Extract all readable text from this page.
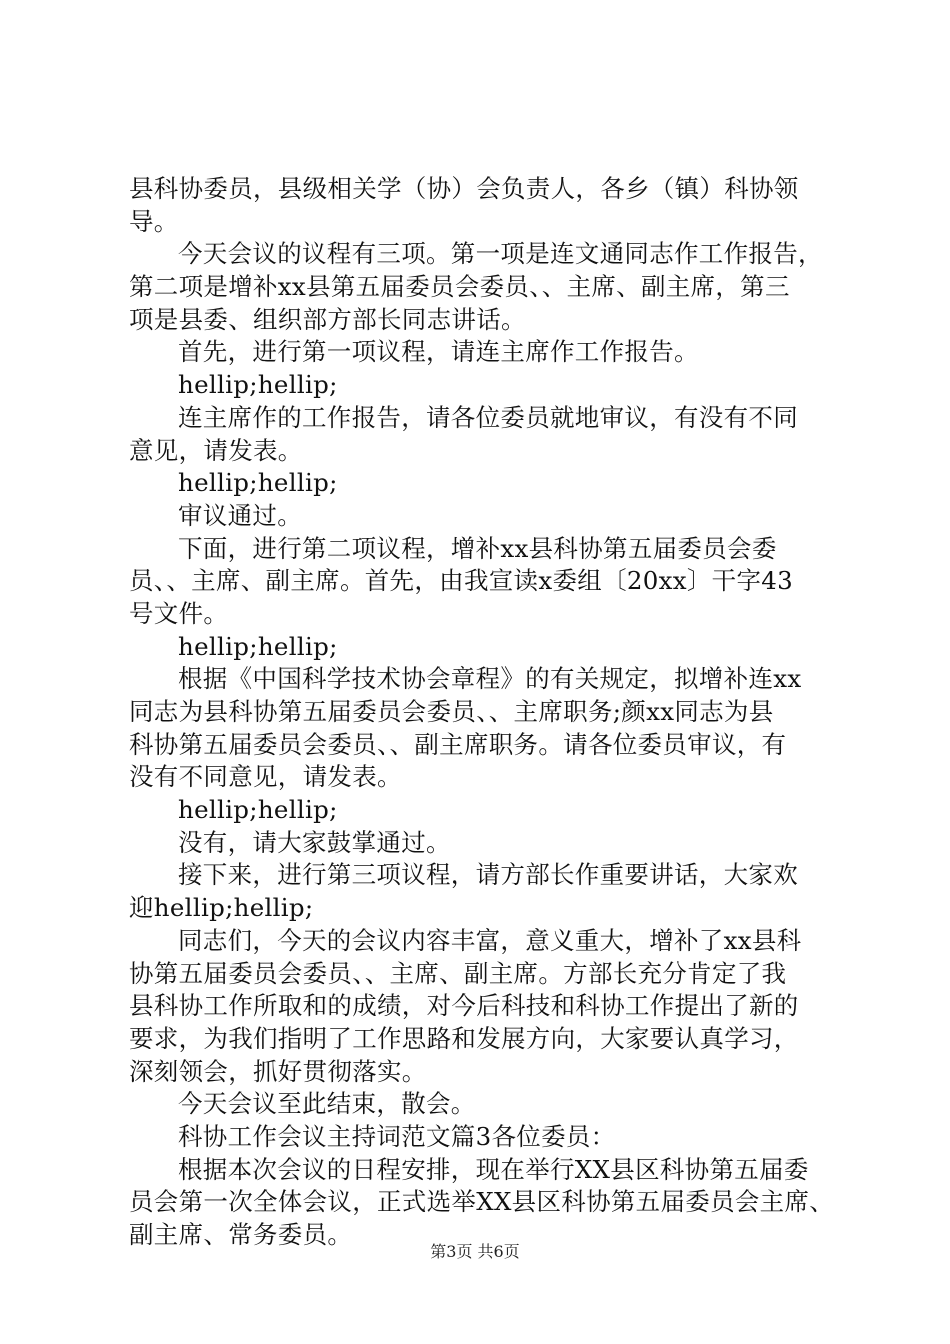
县科协委员，县级相关学（协）会负责人，各乡（镇）科协领
导。
今天会议的议程有三项。第一项是连文通同志作工作报告，
第二项是增补xx县第五届委员会委员、、主席、副主席，第三
项是县委、组织部方部长同志讲话。
首先，进行第一项议程，请连主席作工作报告。
hellip;hellip;
连主席作的工作报告，请各位委员就地审议，有没有不同
意见，请发表。
hellip;hellip;
审议通过。
下面，进行第二项议程，增补xx县科协第五届委员会委
员、、主席、副主席。首先，由我宣读x委组〔20xx〕干字43
号文件。
hellip;hellip;
根据《中国科学技术协会章程》的有关规定，拟增补连xx
同志为县科协第五届委员会委员、、主席职务;颜xx同志为县
科协第五届委员会委员、、副主席职务。请各位委员审议，有
没有不同意见，请发表。
hellip;hellip;
没有，请大家鼓掌通过。
接下来，进行第三项议程，请方部长作重要讲话，大家欢
迎hellip;hellip;
同志们，今天的会议内容丰富，意义重大，增补了xx县科
协第五届委员会委员、、主席、副主席。方部长充分肯定了我
县科协工作所取和的成绩，对今后科技和科协工作提出了新的
要求，为我们指明了工作思路和发展方向，大家要认真学习，
深刻领会，抓好贯彻落实。
今天会议至此结束，散会。
科协工作会议主持词范文篇3各位委员：
根据本次会议的日程安排，现在举行XX县区科协第五届委
员会第一次全体会议，正式选举XX县区科协第五届委员会主席、
副主席、常务委员。
第3页 共6页
